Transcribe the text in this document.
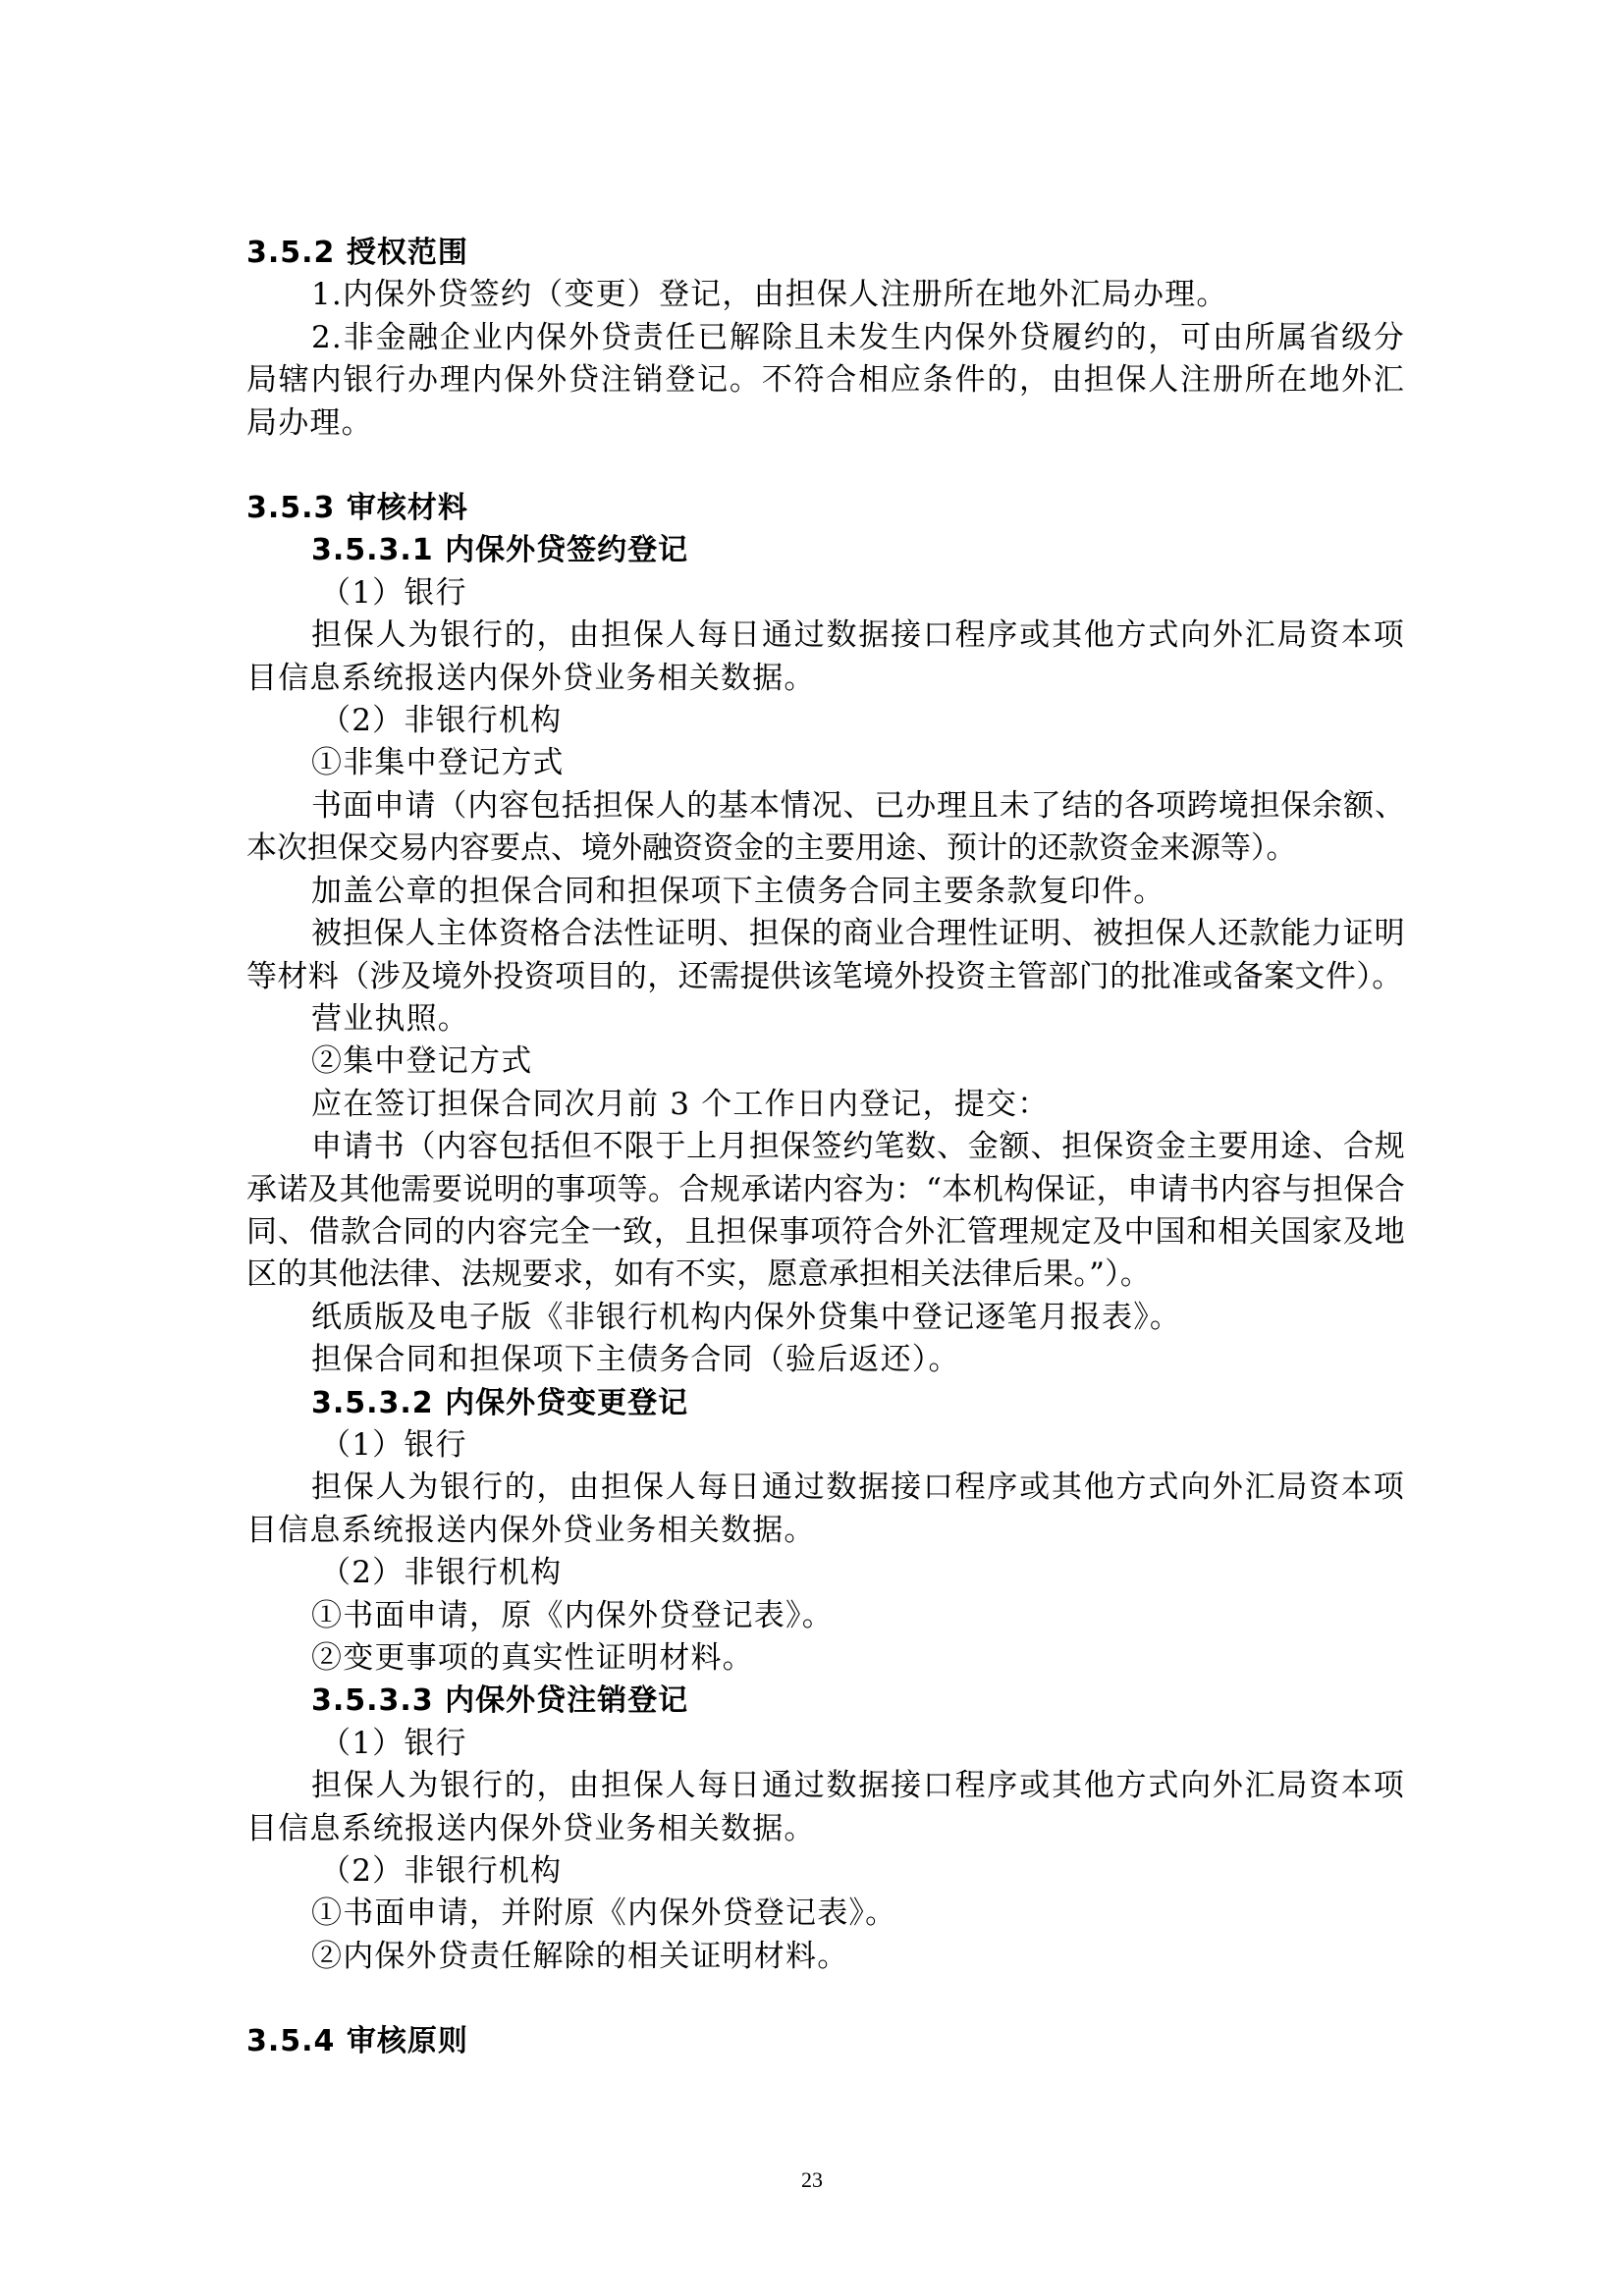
3.5.2 授权范围
1.内保外贷签约（变更）登记，由担保人注册所在地外汇局办理。
2.非金融企业内保外贷责任已解除且未发生内保外贷履约的，可由所属省级分局辖内银行办理内保外贷注销登记。不符合相应条件的，由担保人注册所在地外汇局办理。
3.5.3 审核材料
3.5.3.1 内保外贷签约登记
（1）银行
担保人为银行的，由担保人每日通过数据接口程序或其他方式向外汇局资本项目信息系统报送内保外贷业务相关数据。
（2）非银行机构
①非集中登记方式
书面申请（内容包括担保人的基本情况、已办理且未了结的各项跨境担保余额、本次担保交易内容要点、境外融资资金的主要用途、预计的还款资金来源等）。
加盖公章的担保合同和担保项下主债务合同主要条款复印件。
被担保人主体资格合法性证明、担保的商业合理性证明、被担保人还款能力证明等材料（涉及境外投资项目的，还需提供该笔境外投资主管部门的批准或备案文件）。
营业执照。
②集中登记方式
应在签订担保合同次月前 3 个工作日内登记，提交：
申请书（内容包括但不限于上月担保签约笔数、金额、担保资金主要用途、合规承诺及其他需要说明的事项等。合规承诺内容为：“本机构保证，申请书内容与担保合同、借款合同的内容完全一致，且担保事项符合外汇管理规定及中国和相关国家及地区的其他法律、法规要求，如有不实，愿意承担相关法律后果。”）。
纸质版及电子版《非银行机构内保外贷集中登记逐笔月报表》。
担保合同和担保项下主债务合同（验后返还）。
3.5.3.2 内保外贷变更登记
（1）银行
担保人为银行的，由担保人每日通过数据接口程序或其他方式向外汇局资本项目信息系统报送内保外贷业务相关数据。
（2）非银行机构
①书面申请，原《内保外贷登记表》。
②变更事项的真实性证明材料。
3.5.3.3 内保外贷注销登记
（1）银行
担保人为银行的，由担保人每日通过数据接口程序或其他方式向外汇局资本项目信息系统报送内保外贷业务相关数据。
（2）非银行机构
①书面申请，并附原《内保外贷登记表》。
②内保外贷责任解除的相关证明材料。
3.5.4 审核原则
23
